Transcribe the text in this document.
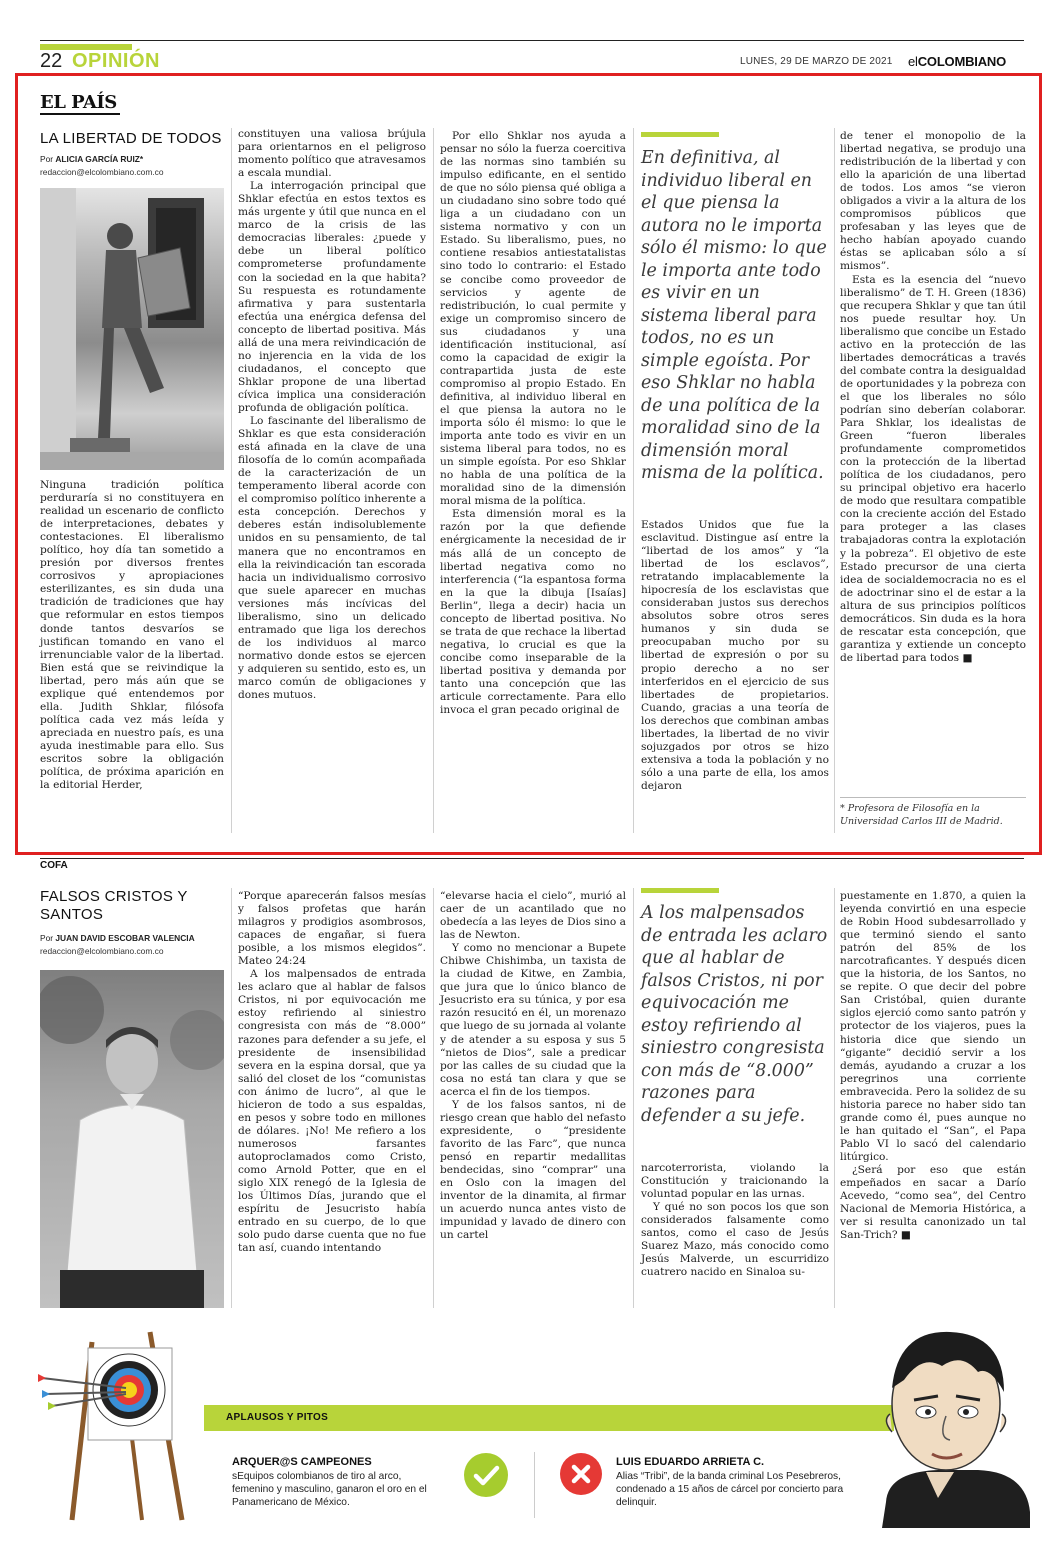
22 OPINIÓN	LUNES, 29 DE MARZO DE 2021 elCOLOMBIANO
EL PAÍS
LA LIBERTAD DE TODOS
Por ALICIA GARCÍA RUIZ*
redaccion@elcolombiano.com.co

Ninguna tradición política perduraría si no constituyera en realidad un escenario de conflicto de interpretaciones, debates y contestaciones. El liberalismo político, hoy día tan sometido a presión por diversos frentes corrosivos y apropiaciones esterilizantes, es sin duda una tradición de tradiciones que hay que reformular en estos tiempos donde tantos desvaríos se justifican tomando en vano el irrenunciable valor de la libertad. Bien está que se reivindique la libertad, pero más aún que se explique qué entendemos por ella. Judith Shklar, filósofa política cada vez más leída y apreciada en nuestro país, es una ayuda inestimable para ello. Sus escritos sobre la obligación política, de próxima aparición en la editorial Herder,

constituyen una valiosa brújula para orientarnos en el peligroso momento político que atravesamos a escala mundial.

La interrogación principal que Shklar efectúa en estos textos es más urgente y útil que nunca en el marco de la crisis de las democracias liberales: ¿puede y debe un liberal político comprometerse profundamente con la sociedad en la que habita? Su respuesta es rotundamente afirmativa y para sustentarla efectúa una enérgica defensa del concepto de libertad positiva. Más allá de una mera reivindicación de no injerencia en la vida de los ciudadanos, el concepto que Shklar propone de una libertad cívica implica una consideración profunda de obligación política.

Lo fascinante del liberalismo de Shklar es que esta consideración está afinada en la clave de una filosofía de lo común acompañada de la caracterización de un temperamento liberal acorde con el compromiso político inherente a esta concepción. Derechos y deberes están indisolublemente unidos en su pensamiento, de tal manera que no encontramos en ella la reivindicación tan escorada hacia un individualismo corrosivo que suele aparecer en muchas versiones más incívicas del liberalismo, sino un delicado entramado que liga los derechos de los individuos al marco normativo donde estos se ejercen y adquieren su sentido, esto es, un marco común de obligaciones y dones mutuos.

Por ello Shklar nos ayuda a pensar no sólo la fuerza coercitiva de las normas sino también su impulso edificante, en el sentido de que no sólo piensa qué obliga a un ciudadano sino sobre todo qué liga a un ciudadano con un sistema normativo y con un Estado. Su liberalismo, pues, no contiene resabios antiestatalistas sino todo lo contrario: el Estado se concibe como proveedor de servicios y agente de redistribución, lo cual permite y exige un compromiso sincero de sus ciudadanos y una identificación institucional, así como la capacidad de exigir la contrapartida justa de este compromiso al propio Estado. En definitiva, al individuo liberal en el que piensa la autora no le importa sólo él mismo: lo que le importa ante todo es vivir en un sistema liberal para todos, no es un simple egoísta. Por eso Shklar no habla de una política de la moralidad sino de la dimensión moral misma de la política.

Esta dimensión moral es la razón por la que defiende enérgicamente la necesidad de ir más allá de un concepto de libertad negativa como no interferencia (“la espantosa forma en la que la dibuja [Isaías] Berlin”, llega a decir) hacia un concepto de libertad positiva. No se trata de que rechace la libertad negativa, lo crucial es que la concibe como inseparable de la libertad positiva y demanda por tanto una concepción que las articule correctamente. Para ello invoca el gran pecado original de

En definitiva, al individuo liberal en el que piensa la autora no le importa sólo él mismo: lo que le importa ante todo es vivir en un sistema liberal para todos, no es un simple egoísta. Por eso Shklar no habla de una política de la moralidad sino de la dimensión moral misma de la política.

Estados Unidos que fue la esclavitud. Distingue así entre la “libertad de los amos” y “la libertad de los esclavos”, retratando implacablemente la hipocresía de los esclavistas que consideraban justos sus derechos absolutos sobre otros seres humanos y sin duda se preocupaban mucho por su libertad de expresión o por su propio derecho a no ser interferidos en el ejercicio de sus libertades de propietarios. Cuando, gracias a una teoría de los derechos que combinan ambas libertades, la libertad de no vivir sojuzgados por otros se hizo extensiva a toda la población y no sólo a una parte de ella, los amos dejaron

de tener el monopolio de la libertad negativa, se produjo una redistribución de la libertad y con ello la aparición de una libertad de todos. Los amos “se vieron obligados a vivir a la altura de los compromisos públicos que profesaban y las leyes que de hecho habían apoyado cuando éstas se aplicaban sólo a sí mismos”.

Esta es la esencia del “nuevo liberalismo” de T. H. Green (1836) que recupera Shklar y que tan útil nos puede resultar hoy. Un liberalismo que concibe un Estado activo en la protección de las libertades democráticas a través del combate contra la desigualdad de oportunidades y la pobreza con el que los liberales no sólo podrían sino deberían colaborar. Para Shklar, los idealistas de Green “fueron liberales profundamente comprometidos con la protección de la libertad política de los ciudadanos, pero su principal objetivo era hacerlo de modo que resultara compatible con la creciente acción del Estado para proteger a las clases trabajadoras contra la explotación y la pobreza”. El objetivo de este Estado precursor de una cierta idea de socialdemocracia no es el de adoctrinar sino el de estar a la altura de sus principios políticos democráticos. Sin duda es la hora de rescatar esta concepción, que garantiza y extiende un concepto de libertad para todos ■

* Profesora de Filosofía en la Universidad Carlos III de Madrid.
COFA
FALSOS CRISTOS Y
SANTOS
Por JUAN DAVID ESCOBAR VALENCIA
redaccion@elcolombiano.com.co

“Porque aparecerán falsos mesías y falsos profetas que harán milagros y prodigios asombrosos, capaces de engañar, si fuera posible, a los mismos elegidos”. Mateo 24:24

A los malpensados de entrada les aclaro que al hablar de falsos Cristos, ni por equivocación me estoy refiriendo al siniestro congresista con más de “8.000” razones para defender a su jefe, el presidente de insensibilidad severa en la espina dorsal, que ya salió del closet de los “comunistas con ánimo de lucro”, al que le hicieron de todo a sus espaldas, en pesos y sobre todo en millones de dólares. ¡No! Me refiero a los numerosos farsantes autoproclamados como Cristo, como Arnold Potter, que en el siglo XIX renegó de la Iglesia de los Últimos Días, jurando que el espíritu de Jesucristo había entrado en su cuerpo, de lo que solo pudo darse cuenta que no fue tan así, cuando intentando

“elevarse hacia el cielo”, murió al caer de un acantilado que no obedecía a las leyes de Dios sino a las de Newton.

Y como no mencionar a Bupete Chibwe Chishimba, un taxista de la ciudad de Kitwe, en Zambia, que jura que lo único blanco de Jesucristo era su túnica, y por esa razón resucitó en él, un morenazo que luego de su jornada al volante y de atender a su esposa y sus 5 “nietos de Dios”, sale a predicar por las calles de su ciudad que la cosa no está tan clara y que se acerca el fin de los tiempos.

Y de los falsos santos, ni de riesgo crean que hablo del nefasto expresidente, o “presidente favorito de las Farc”, que nunca pensó en repartir medallitas bendecidas, sino “comprar” una en Oslo con la imagen del inventor de la dinamita, al firmar un acuerdo nunca antes visto de impunidad y lavado de dinero con un cartel

A los malpensados de entrada les aclaro que al hablar de falsos Cristos, ni por equivocación me estoy refiriendo al siniestro congresista con más de “8.000” razones para defender a su jefe.

narcoterrorista, violando la Constitución y traicionando la voluntad popular en las urnas.

Y qué no son pocos los que son considerados falsamente como santos, como el caso de Jesús Suarez Mazo, más conocido como Jesús Malverde, un escurridizo cuatrero nacido en Sinaloa su-

puestamente en 1.870, a quien la leyenda convirtió en una especie de Robin Hood subdesarrollado y que terminó siendo el santo patrón del 85% de los narcotraficantes. Y después dicen que la historia, de los Santos, no se repite. O que decir del pobre San Cristóbal, quien durante siglos ejerció como santo patrón y protector de los viajeros, pues la historia dice que siendo un “gigante” decidió servir a los demás, ayudando a cruzar a los peregrinos una corriente embravecida. Pero la solidez de su historia parece no haber sido tan grande como él, pues aunque no le han quitado el “San”, el Papa Pablo VI lo sacó del calendario litúrgico.

¿Será por eso que están empeñados en sacar a Darío Acevedo, “como sea”, del Centro Nacional de Memoria Histórica, a ver si resulta canonizado un tal San-Trich? ■

APLAUSOS Y PITOS
ARQUER@S CAMPEONES
sEquipos colombianos de tiro al arco, femenino y masculino, ganaron el oro en el Panamericano de México.
LUIS EDUARDO ARRIETA C.
Alias “Tribi”, de la banda criminal Los Pesebreros, condenado a 15 años de cárcel por concierto para delinquir.
